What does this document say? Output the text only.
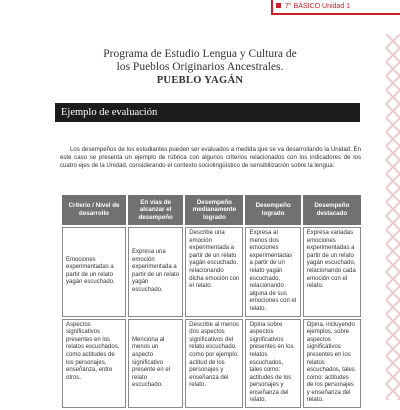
7° BÁSICO Unidad 1
Programa de Estudio Lengua y Cultura de
los Pueblos Originarios Ancestrales.
PUEBLO YAGÁN
Ejemplo de evaluación

Los desempeños de los estudiantes pueden ser evaluados a medida que se va desarrollando la Unidad. En este caso se presenta un ejemplo de rúbrica con algunos criterios relacionados con los indicadores de los cuatro ejes de la Unidad, considerando el contexto sociolingüístico de sensibilización sobre la lengua:

Criterio / Nivel de desarrollo	En vías de alcanzar el desempeño	Desempeño medianamente logrado	Desempeño logrado	Desempeño destacado
Emociones experimentadas a partir de un relato yagán escuchado.	Expresa una emoción experimentada a partir de un relato yagán escuchado.	Describe una emoción experimentada a partir de un relato yagán escuchado, relacionando dicha emoción con el relato.	Expresa al menos dos emociones experimentadas a partir de un relato yagán escuchado, relacionando alguna de sus emociones con el relato.	Expresa variadas emociones experimentadas a partir de un relato yagán escuchado, relacionando cada emoción con el relato.
Aspectos significativos presentes en los relatos escuchados, como actitudes de los personajes, enseñanza, entre otros.	Menciona al menos un aspecto significativo presente en el relato escuchado.	Describe al menos dos aspectos significativos del relato escuchado, como por ejemplo: actitud de los personajes y enseñanza del relato.	Opina sobre aspectos significativos presentes en los relatos escuchados, tales como: actitudes de los personajes y enseñanza del relato.	Opina, incluyendo ejemplos, sobre aspectos significativos presentes en los relatos escuchados, tales como: actitudes de los personajes y enseñanza del relato.
